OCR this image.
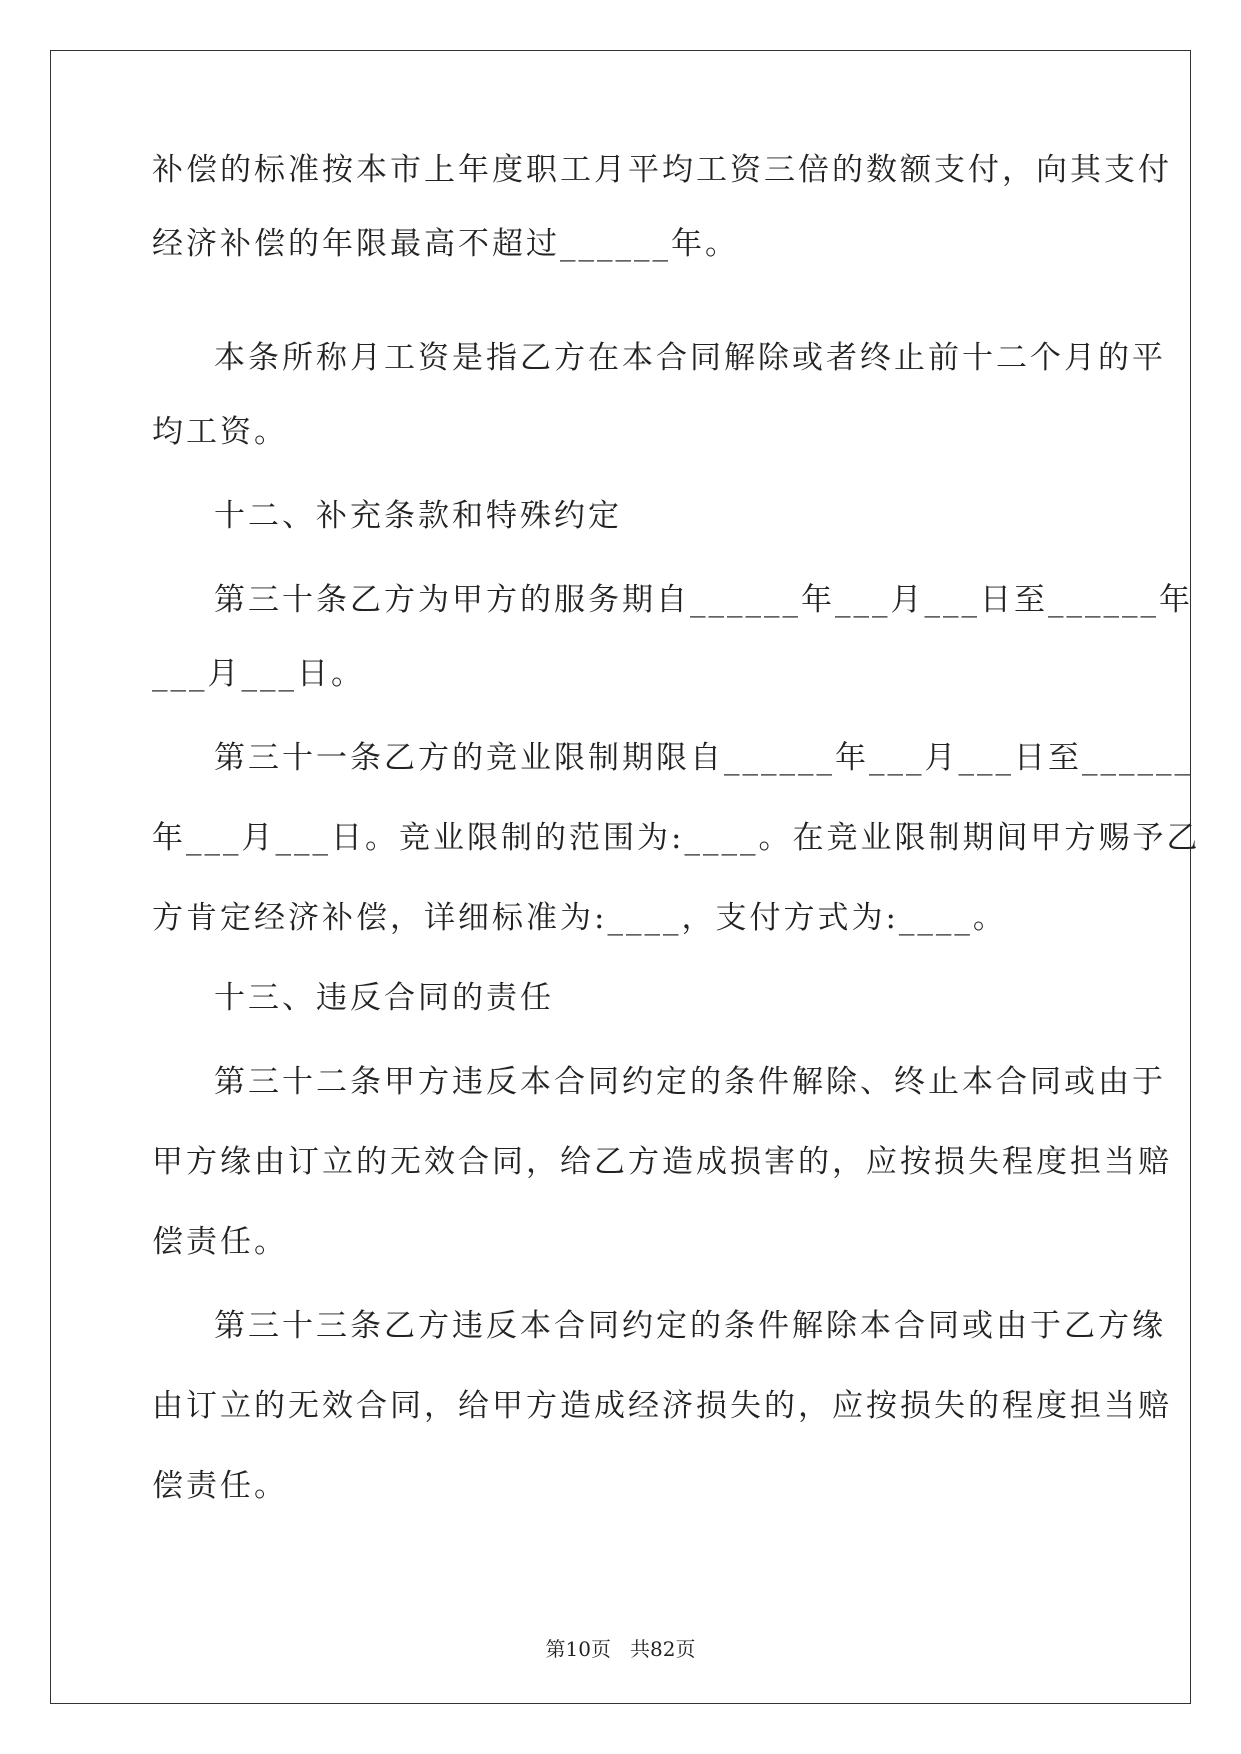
补偿的标准按本市上年度职工月平均工资三倍的数额支付，向其支付
经济补偿的年限最高不超过______年。
本条所称月工资是指乙方在本合同解除或者终止前十二个月的平
均工资。
十二、补充条款和特殊约定
第三十条乙方为甲方的服务期自______年___月___日至______年
___月___日。
第三十一条乙方的竞业限制期限自______年___月___日至______
年___月___日。竞业限制的范围为:____。在竞业限制期间甲方赐予乙
方肯定经济补偿，详细标准为:____，支付方式为:____。
十三、违反合同的责任
第三十二条甲方违反本合同约定的条件解除、终止本合同或由于
甲方缘由订立的无效合同，给乙方造成损害的，应按损失程度担当赔
偿责任。
第三十三条乙方违反本合同约定的条件解除本合同或由于乙方缘
由订立的无效合同，给甲方造成经济损失的，应按损失的程度担当赔
偿责任。
第10页   共82页
